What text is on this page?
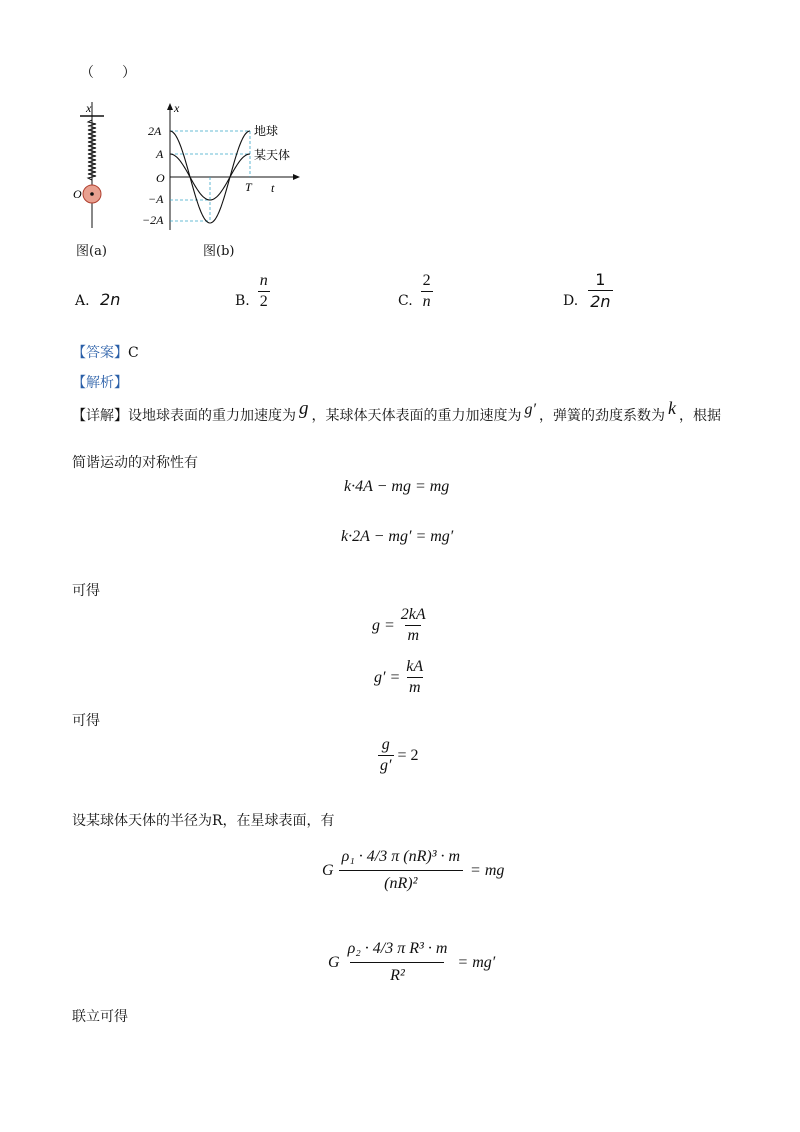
（　　）
x
O
x
t
2A
A
O
−A
−2A
T
地球
某天体
图(a)	图(b)
A. 2n	B. $\frac{n}{2}$	C. $\frac{2}{n}$	D. $\frac{1}{2n}$
【答案】C
【解析】
【详解】设地球表面的重力加速度为 g ，某球体天体表面的重力加速度为 g′ ，弹簧的劲度系数为 k ，根据
简谐运动的对称性有
k·4A − mg = mg
k·2A − mg′ = mg′
可得
$g = \frac{2kA}{m}$
$g' = \frac{kA}{m}$
可得
$\frac{g}{g'} = 2$
设某球体天体的半径为R，在星球表面，有
G $\frac{\text{ρ₁ · 4/3 π (nR)³ · m}}{\text{(nR)²}}$ = mg
G $\frac{\text{ρ₂ · 4/3 π R³ · m}}{\text{R²}} = mg'$
联立可得
